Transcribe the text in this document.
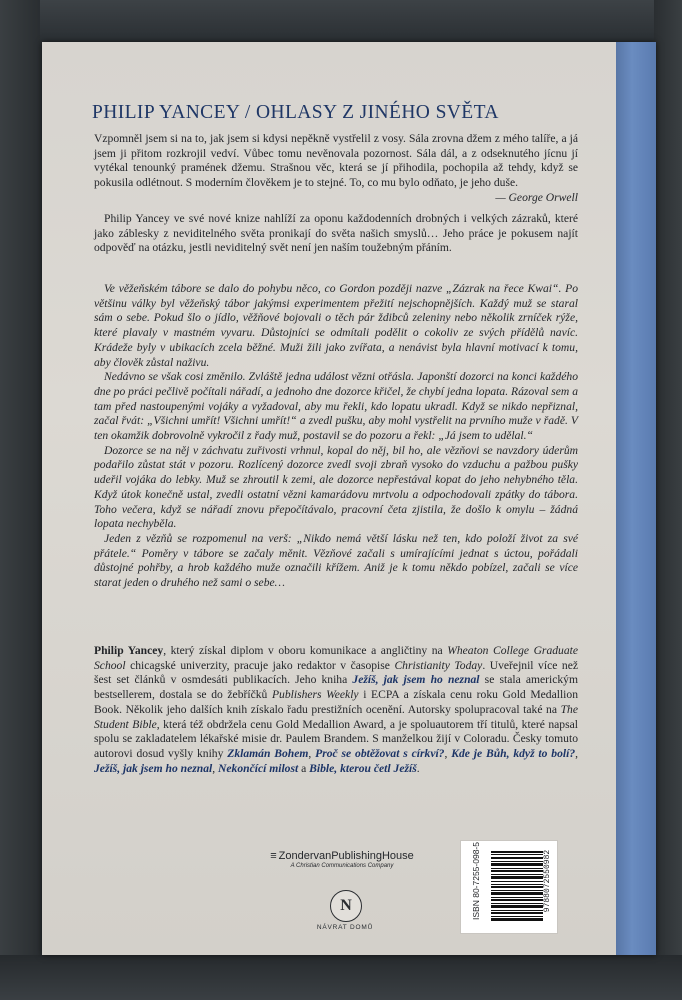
PHILIP YANCEY / OHLASY Z JINÉHO SVĚTA

Vzpomněl jsem si na to, jak jsem si kdysi nepěkně vystřelil z vosy. Sála zrovna džem z mého talíře, a já jsem ji přitom rozkrojil vedví. Vůbec tomu nevěnovala pozornost. Sála dál, a z odseknutého jícnu jí vytékal tenounký pramének džemu. Strašnou věc, která se jí přihodila, pochopila až tehdy, když se pokusila odlétnout. S moderním člověkem je to stejné. To, co mu bylo odňato, je jeho duše.

— George Orwell

Philip Yancey ve své nové knize nahlíží za oponu každodenních drobných i velkých zázraků, které jako záblesky z neviditelného světa pronikají do světa našich smyslů… Jeho práce je pokusem najít odpověď na otázku, jestli neviditelný svět není jen naším toužebným přáním.

Ve věžeňském tábore se dalo do pohybu něco, co Gordon později nazve „Zázrak na řece Kwai“. Po většinu války byl věžeňský tábor jakýmsi experimentem přežití nejschopnějších. Každý muž se staral sám o sebe. Pokud šlo o jídlo, věžňové bojovali o těch pár ždibců zeleniny nebo několik zrníček rýže, které plavaly v mastném vyvaru. Důstojníci se odmítali podělit o cokoliv ze svých přídělů navíc. Krádeže byly v ubikacích zcela běžné. Muži žili jako zvířata, a nenávist byla hlavní motivací k tomu, aby člověk zůstal naživu.

Nedávno se však cosi změnilo. Zvláště jedna událost vězni otřásla. Japonští dozorci na konci každého dne po práci pečlivě počítali nářadí, a jednoho dne dozorce křičel, že chybí jedna lopata. Rázoval sem a tam před nastoupenými vojáky a vyžadoval, aby mu řekli, kdo lopatu ukradl. Když se nikdo nepřiznal, začal řvát: „Všichni umřít! Všichni umřít!“ a zvedl pušku, aby mohl vystřelit na prvního muže v řadě. V ten okamžik dobrovolně vykročil z řady muž, postavil se do pozoru a řekl: „Já jsem to udělal.“

Dozorce se na něj v záchvatu zuřivosti vrhnul, kopal do něj, bil ho, ale vězňovi se navzdory úderům podařilo zůstat stát v pozoru. Rozlícený dozorce zvedl svoji zbraň vysoko do vzduchu a pažbou pušky udeřil vojáka do lebky. Muž se zhroutil k zemi, ale dozorce nepřestával kopat do jeho nehybného těla. Když útok konečně ustal, zvedli ostatní vězni kamarádovu mrtvolu a odpochodovali zpátky do tábora. Toho večera, když se nářadí znovu přepočítávalo, pracovní četa zjistila, že došlo k omylu – žádná lopata nechyběla.

Jeden z vězňů se rozpomenul na verš: „Nikdo nemá větší lásku než ten, kdo položí život za své přátele.“ Poměry v tábore se začaly měnit. Vězňové začali s umírajícími jednat s úctou, pořádali důstojné pohřby, a hrob každého muže označili křížem. Aniž je k tomu někdo pobízel, začali se více starat jeden o druhého než sami o sebe…

Philip Yancey, který získal diplom v oboru komunikace a angličtiny na Wheaton College Graduate School chicagské univerzity, pracuje jako redaktor v časopise Christianity Today. Uveřejnil více než šest set článků v osmdesáti publikacích. Jeho kniha Ježíš, jak jsem ho neznal se stala americkým bestsellerem, dostala se do žebříčků Publishers Weekly i ECPA a získala cenu roku Gold Medallion Book. Několik jeho dalších knih získalo řadu prestižních ocenění. Autorsky spolupracoval také na The Student Bible, která též obdržela cenu Gold Medallion Award, a je spoluautorem tří titulů, které napsal spolu se zakladatelem lékařské misie dr. Paulem Brandem. S manželkou žijí v Coloradu. Česky tomuto autorovi dosud vyšly knihy Zklamán Bohem, Proč se obtěžovat s církví?, Kde je Bůh, když to bolí?, Ježíš, jak jsem ho neznal, Nekončící milost a Bible, kterou četl Ježíš.

≡ ZondervanPublishingHouse
A Christian Communications Company
N
NÁVRAT DOMŮ
ISBN 80-7255-098-5	9788072550982
